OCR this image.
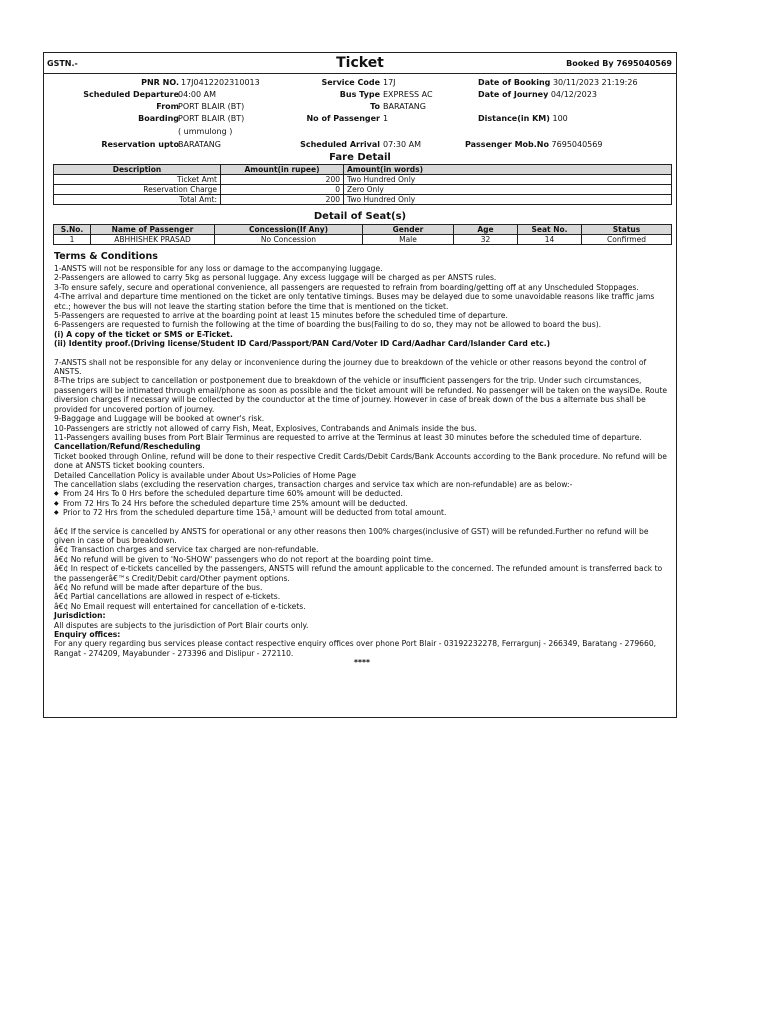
GSTN.-	Ticket	Booked By 7695040569
PNR NO. 17J0412202310013	Service Code 17J	Date of Booking 30/11/2023 21:19:26
Scheduled Departure 04:00 AM	Bus Type EXPRESS AC	Date of Journey 04/12/2023
From PORT BLAIR (BT)	To BARATANG
Boarding PORT BLAIR (BT)	No of Passenger 1	Distance(in KM) 100
( ummulong )
Reservation upto BARATANG	Scheduled Arrival 07:30 AM	Passenger Mob.No 7695040569
Fare Detail
Description	Amount(in rupee)	Amount(in words)
Ticket Amt	200	Two Hundred Only
Reservation Charge	0	Zero Only
Total Amt:	200	Two Hundred Only
Detail of Seat(s)
S.No.	Name of Passenger	Concession(If Any)	Gender	Age	Seat No.	Status
1	ABHHISHEK PRASAD	No Concession	Male	32	14	Confirmed

Terms & Conditions

1-ANSTS will not be responsible for any loss or damage to the accompanying luggage.

2-Passengers are allowed to carry 5kg as personal luggage. Any excess luggage will be charged as per ANSTS rules.

3-To ensure safely, secure and operational convenience, all passengers are requested to refrain from boarding/getting off at any Unscheduled Stoppages.

4-The arrival and departure time mentioned on the ticket are only tentative timings. Buses may be delayed due to some unavoidable reasons like traffic jams etc.; however the bus will not leave the starting station before the time that is mentioned on the ticket.

5-Passengers are requested to arrive at the boarding point at least 15 minutes before the scheduled time of departure.

6-Passengers are requested to furnish the following at the time of boarding the bus(Failing to do so, they may not be allowed to board the bus).

(i) A copy of the ticket or SMS or E-Ticket.

(ii) Identity proof.(Driving license/Student ID Card/Passport/PAN Card/Voter ID Card/Aadhar Card/Islander Card etc.)

7-ANSTS shall not be responsible for any delay or inconvenience during the journey due to breakdown of the vehicle or other reasons beyond the control of ANSTS.

8-The trips are subject to cancellation or postponement due to breakdown of the vehicle or insufficient passengers for the trip. Under such circumstances, passengers will be intimated through email/phone as soon as possible and the ticket amount will be refunded. No passenger will be taken on the waysiDe. Route diversion charges if necessary will be collected by the counductor at the time of journey. However in case of break down of the bus a alternate bus shall be provided for uncovered portion of journey.

9-Baggage and Luggage will be booked at owner's risk.

10-Passengers are strictly not allowed of carry Fish, Meat, Explosives, Contrabands and Animals inside the bus.

11-Passengers availing buses from Port Blair Terminus are requested to arrive at the Terminus at least 30 minutes before the scheduled time of departure.

Cancellation/Refund/Rescheduling

Ticket booked through Online, refund will be done to their respective Credit Cards/Debit Cards/Bank Accounts according to the Bank procedure. No refund will be done at ANSTS ticket booking counters.

Detailed Cancellation Policy is available under About Us>Policies of Home Page

The cancellation slabs (excluding the reservation charges, transaction charges and service tax which are non-refundable) are as below:-

◆ From 24 Hrs To 0 Hrs before the scheduled departure time 60% amount will be deducted.

◆ From 72 Hrs To 24 Hrs before the scheduled departure time 25% amount will be deducted.

◆ Prior to 72 Hrs from the scheduled departure time 15â,¹ amount will be deducted from total amount.

â€¢ If the service is cancelled by ANSTS for operational or any other reasons then 100% charges(inclusive of GST) will be refunded.Further no refund will be given in case of bus breakdown.

â€¢ Transaction charges and service tax charged are non-refundable.

â€¢ No refund will be given to 'No-SHOW' passengers who do not report at the boarding point time.

â€¢ In respect of e-tickets cancelled by the passengers, ANSTS will refund the amount applicable to the concerned. The refunded amount is transferred back to the passengerâ€™s Credit/Debit card/Other payment options.

â€¢ No refund will be made after departure of the bus.

â€¢ Partial cancellations are allowed in respect of e-tickets.

â€¢ No Email request will entertained for cancellation of e-tickets.

Jurisdiction:

All disputes are subjects to the jurisdiction of Port Blair courts only.

Enquiry offices:

For any query regarding bus services please contact respective enquiry offices over phone Port Blair - 03192232278, Ferrargunj - 266349, Baratang - 279660, Rangat - 274209, Mayabunder - 273396 and Dislipur - 272110.

****
